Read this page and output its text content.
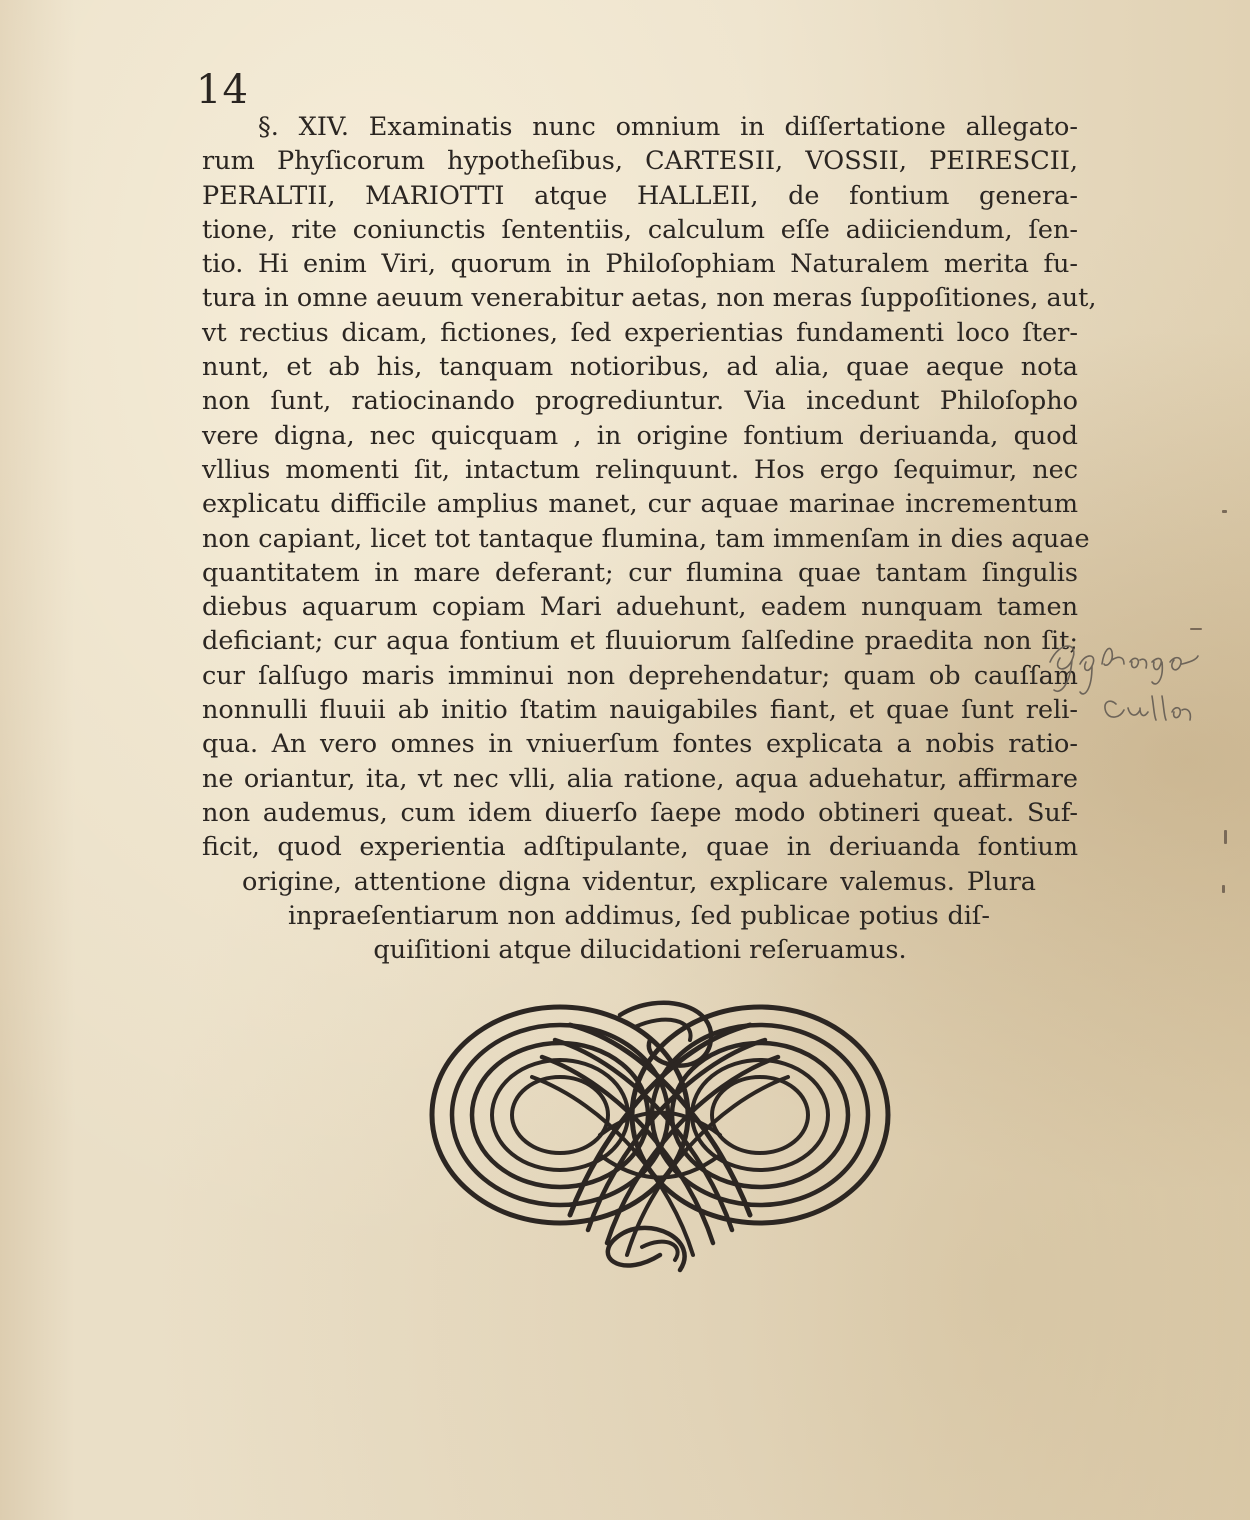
14
§. XIV. Examinatis nunc omnium in diſſertatione allegato-
rum Phyſicorum hypotheſibus, CARTESII, VOSSII, PEIRESCII,
PERALTII, MARIOTTI atque HALLEII, de fontium genera-
tione, rite coniunctis ſententiis, calculum eſſe adiiciendum, ſen-
tio. Hi enim Viri, quorum in Philoſophiam Naturalem merita fu-
tura in omne aeuum venerabitur aetas, non meras ſuppoſitiones, aut,
vt rectius dicam, fictiones, ſed experientias fundamenti loco ſter-
nunt, et ab his, tanquam notioribus, ad alia, quae aeque nota
non ſunt, ratiocinando progrediuntur. Via incedunt Philoſopho
vere digna, nec quicquam , in origine fontium deriuanda, quod
vllius momenti ſit, intactum relinquunt. Hos ergo ſequimur, nec
explicatu difficile amplius manet, cur aquae marinae incrementum
non capiant, licet tot tantaque flumina, tam immenſam in dies aquae
quantitatem in mare deferant; cur flumina quae tantam ſingulis
diebus aquarum copiam Mari aduehunt, eadem nunquam tamen
deficiant; cur aqua fontium et fluuiorum ſalſedine praedita non ſit;
cur ſalſugo maris imminui non deprehendatur; quam ob cauſſam
nonnulli fluuii ab initio ſtatim nauigabiles fiant, et quae ſunt reli-
qua. An vero omnes in vniuerſum fontes explicata a nobis ratio-
ne oriantur, ita, vt nec vlli, alia ratione, aqua aduehatur, affirmare
non audemus, cum idem diuerſo ſaepe modo obtineri queat. Suf-
ficit, quod experientia adſtipulante, quae in deriuanda fontium
origine, attentione digna videntur, explicare valemus. Plura
inpraeſentiarum non addimus, ſed publicae potius diſ-
quiſitioni atque dilucidationi reſeruamus.
